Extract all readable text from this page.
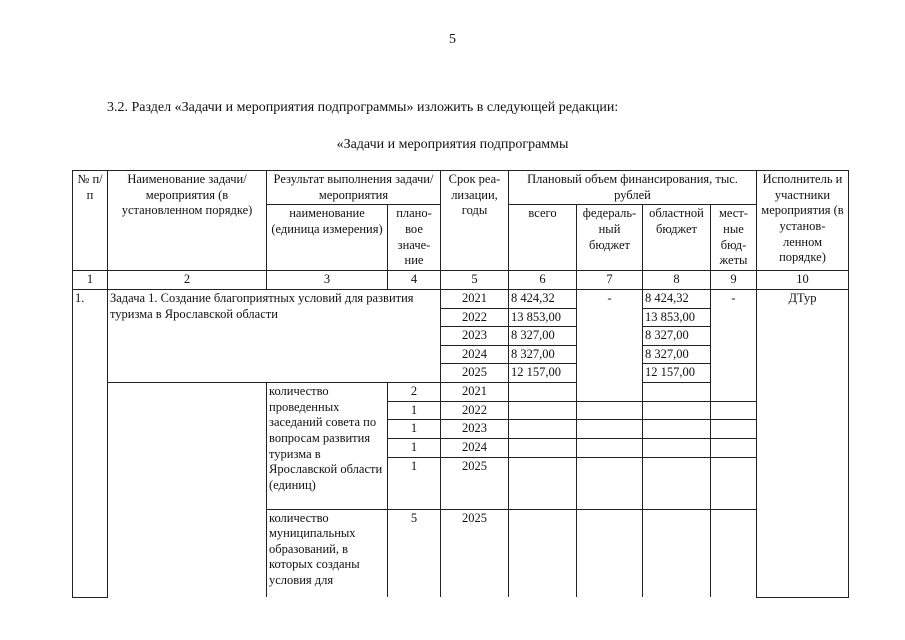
5
3.2. Раздел «Задачи и мероприятия подпрограммы» изложить в следующей редакции:
«Задачи и мероприятия подпрограммы
№ п/п	Наименование задачи/мероприятия (в установленном порядке)	Результат выполнения задачи/мероприятия		Срок реа- лизации, годы	Плановый объем финансирования, тыс. рублей				Исполнитель и участники мероприятия (в установ- ленном порядке)
		наименование (единица измерения)	плано- вое значе- ние		всего	федераль- ный бюджет	областной бюджет	мест- ные бюд- жеты	
1	2	3	4	5	6	7	8	9	10
1.	Задача 1. Создание благоприятных условий для развития туризма в Ярославской области			2021	8 424,32	-	8 424,32	-	ДТур
				2022	13 853,00		13 853,00		
				2023	8 327,00		8 327,00		
				2024	8 327,00		8 327,00		
				2025	12 157,00		12 157,00		
		количество проведенных заседаний совета по вопросам развития туризма в Ярославской области (единиц)	2	2021					
			1	2022					
			1	2023					
			1	2024					
			1	2025					
		количество муниципальных образований, в которых созданы условия для	5	2025					
